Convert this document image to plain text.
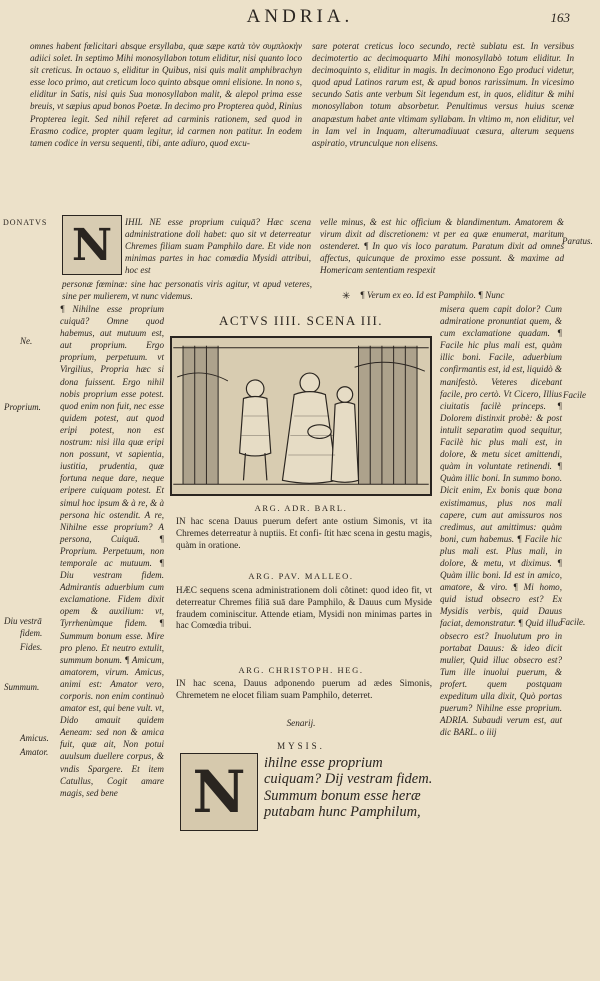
ANDRIA.	163

omnes habent fœlicitari absque ersyllaba, quæ sæpe κατὰ τὸν συμπλοκὴν adiici solet. In septimo Mihi monosyllabon totum eliditur, nisi quanto loco sit creticus. In octauo s, eliditur in Quibus, nisi quis malit amphibrachyn esse loco primo, aut creticum loco quinto absque omni elisione. In nono s, eliditur in Satis, nisi quis Sua monosyllabon malit, & alepol prima esse breuis, vt sæpius apud bonos Poetæ. In decimo pro Propterea quòd, Rinius Propterea legit. Sed nihil referet ad carminis rationem, sed quod in Erasmo codice, propter quam legitur, id carmen non patitur. In eodem tamen codice in versu sequenti, tibi, ante adiuro, quod excu-

sare poterat creticus loco secundo, rectè sublatu est. In versibus decimotertio ac decimoquarto Mihi monosyllabò totum eliditur. In decimoquinto s, eliditur in magis. In decimonono Ego produci videtur, quod apud Latinos rarum est, & apud bonos rarissimum. In vicesimo secundo Satis ante verbum Sit legendum est, in quos, eliditur & mihi monosyllabon totum absorbetur. Penultimus versus huius scenæ anapæstum habet ante vltimam syllabam. In vltimo m, non eliditur, vel in Iam vel in Inquam, alterumadiuuat cæsura, alterum sequens aspiratio, vtrunculque non elisens.

DONATVS
Ne.
Proprium.
Diu vestrā
fidem.
Fides.
Summum.
Amicus.
Amator.
Paratus.
Facile
Facile.
N IHIL NE esse proprium cuiquā? Hæc scena administratione doli habet: quo sit vt deterreatur Chremes filiam suam Pamphilo dare. Et vide non minimas partes in hac comœdia Mysidi attribui, hoc est

personæ fœminæ: sine hac personatis viris agitur, vt apud veteres, sine per mulierem, vt nunc videmus.

velle minus, & est hic officium & blandimentum. Amatorem & virum dixit ad discretionem: vt per ea quæ enumerat, maritum ostenderet. ¶ In quo vis loco paratum. Paratum dixit ad omnes affectus, quicunque de proximo esse possunt. & maxime ad Homericam sententiam respexit

✳ ¶ Verum ex eo. Id est Pamphilo. ¶ Nunc

¶ Nihilne esse proprium cuiquā? Omne quod habemus, aut mutuum est, aut proprium. Ergo proprium, perpetuum. vt Virgilius, Propria hæc si dona fuissent. Ergo nihil nobis proprium esse potest. quod enim non fuit, nec esse quidem potest, aut quod eripi potest, non est nostrum: nisi illa quæ eripi non possunt, vt sapientia, iustitia, prudentia, quæ fortuna neque dare, neque eripere cuiquam potest. Et simul hoc ipsum & à re, & à persona hic ostendit. A re, Nihilne esse proprium? A persona, Cuiquā. ¶ Proprium. Perpetuum, non temporale ac mutuum. ¶ Diu vestram fidem. Admirantis aduerbium cum exclamatione. Fidem dixit opem & auxilium: vt, Tyrrhenùmque fidem. ¶ Summum bonum esse. Mire pro pleno. Et neutro extulit, summum bonum. ¶ Amicum, amatorem, virum. Amicus, animi est: Amator vero, corporis. non enim continuò amator est, qui bene vult. vt, Dido amauit quidem Aeneam: sed non & amica fuit, quæ ait, Non potui auulsum duellere corpus, & vndis Spargere. Et item Catullus, Cogit amare magis, sed bene

misera quem capit dolor? Cum admiratione pronuntiat quem, & cum exclamatione quadam. ¶ Facile hic plus mali est, quàm illic boni. Facile, aduerbium confirmantis est, id est, liquidò & manifestò. Veteres dicebant facile, pro certò. Vt Cicero, Illius ciuitatis facilè princeps. ¶ Dolorem distinxit probè: & post intulit separatim quod sequitur, Facilè hic plus mali est, in dolore, & metu sicet amittendi, quàm in voluntate retinendi. ¶ Quàm illic boni. In summo bono. Dicit enim, Ex bonis quæ bona existimamus, plus nos mali capere, cum aut amissuros nos credimus, aut amittimus: quàm boni, cum habemus. ¶ Facile hic plus mali est. Plus mali, in dolore, & metu, vt diximus. ¶ Quàm illic boni. Id est in amico, amatore, & viro. ¶ Mi homo, quid istud obsecro est? Ex Mysidis verbis, quid Dauus faciat, demonstratur. ¶ Quid illuc obsecro est? Inuolutum pro in portabat Dauus: & ideo dicit mulier, Quid illuc obsecro est? Tum ille inuolui puerum, & profert. quem postquam expeditum ulla dixit, Quò portas puerum? Nihilne esse proprium. ADRIA. Subaudi verum est, aut dic BARL. o iiij

ACTVS IIII. SCENA III.
ARG. ADR. BARL.
IN hac scena Dauus puerum defert ante ostium Simonis, vt ita Chremes deterreatur à nuptiis. Et confi- ſtit hæc scena in gestu magis, quàm in oratione.
ARG. PAV. MALLEO.
HÆC sequens scena administrationem doli côtinet: quod ideo fit, vt deterreatur Chremes filiā suā dare Pamphilo, & Dauus cum Myside fraudem cominiscitur. Attende etiam, Mysidi non minimas partes in hac Comœdia tribui.
ARG. CHRISTOPH. HEG.
IN hac scena, Dauus adponendo puerum ad ædes Simonis, Chremetem ne elocet filiam suam Pamphilo, deterret.
Senarij.
MYSIS.
N ihilne esse proprium cuiquam? Dij vestram fidem. Summum bonum esse heræ putabam hunc Pamphilum,
